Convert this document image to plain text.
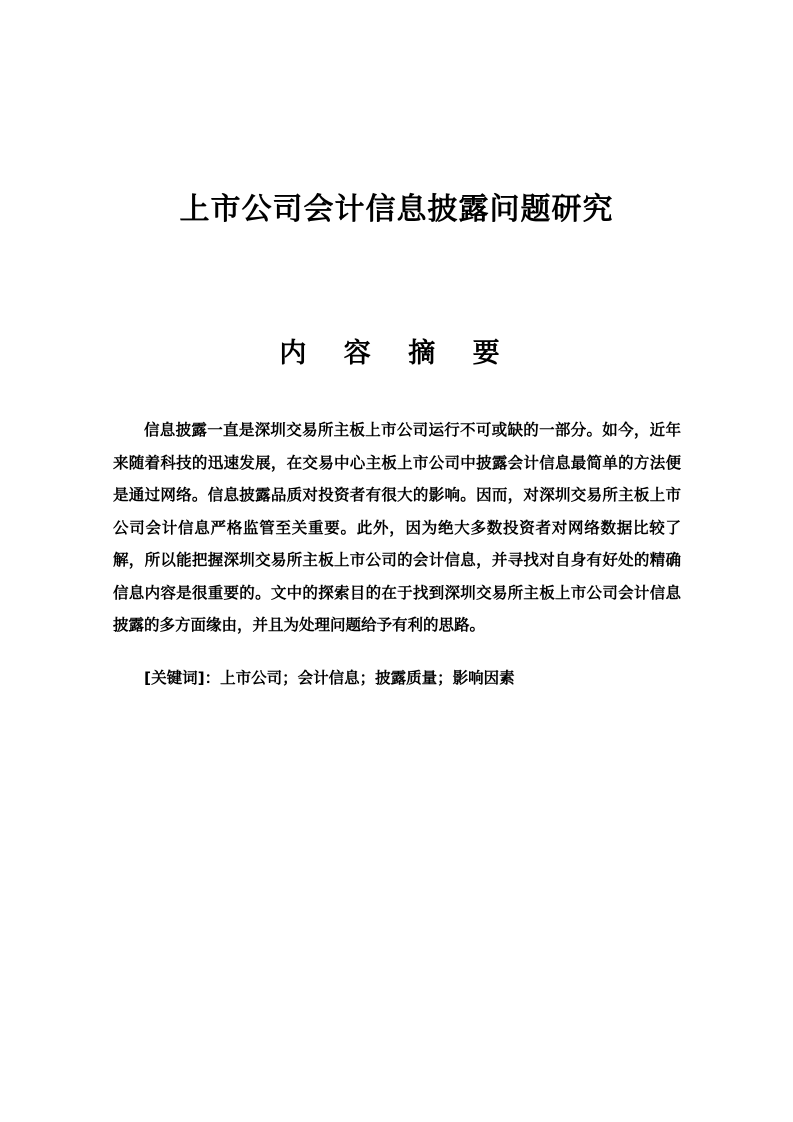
上市公司会计信息披露问题研究
内 容 摘 要

信息披露一直是深圳交易所主板上市公司运行不可或缺的一部分。如今，近年来随着科技的迅速发展，在交易中心主板上市公司中披露会计信息最简单的方法便是通过网络。信息披露品质对投资者有很大的影响。因而，对深圳交易所主板上市公司会计信息严格监管至关重要。此外，因为绝大多数投资者对网络数据比较了解，所以能把握深圳交易所主板上市公司的会计信息，并寻找对自身有好处的精确信息内容是很重要的。文中的探索目的在于找到深圳交易所主板上市公司会计信息披露的多方面缘由，并且为处理问题给予有利的思路。

[关键词]：上市公司；会计信息；披露质量；影响因素
